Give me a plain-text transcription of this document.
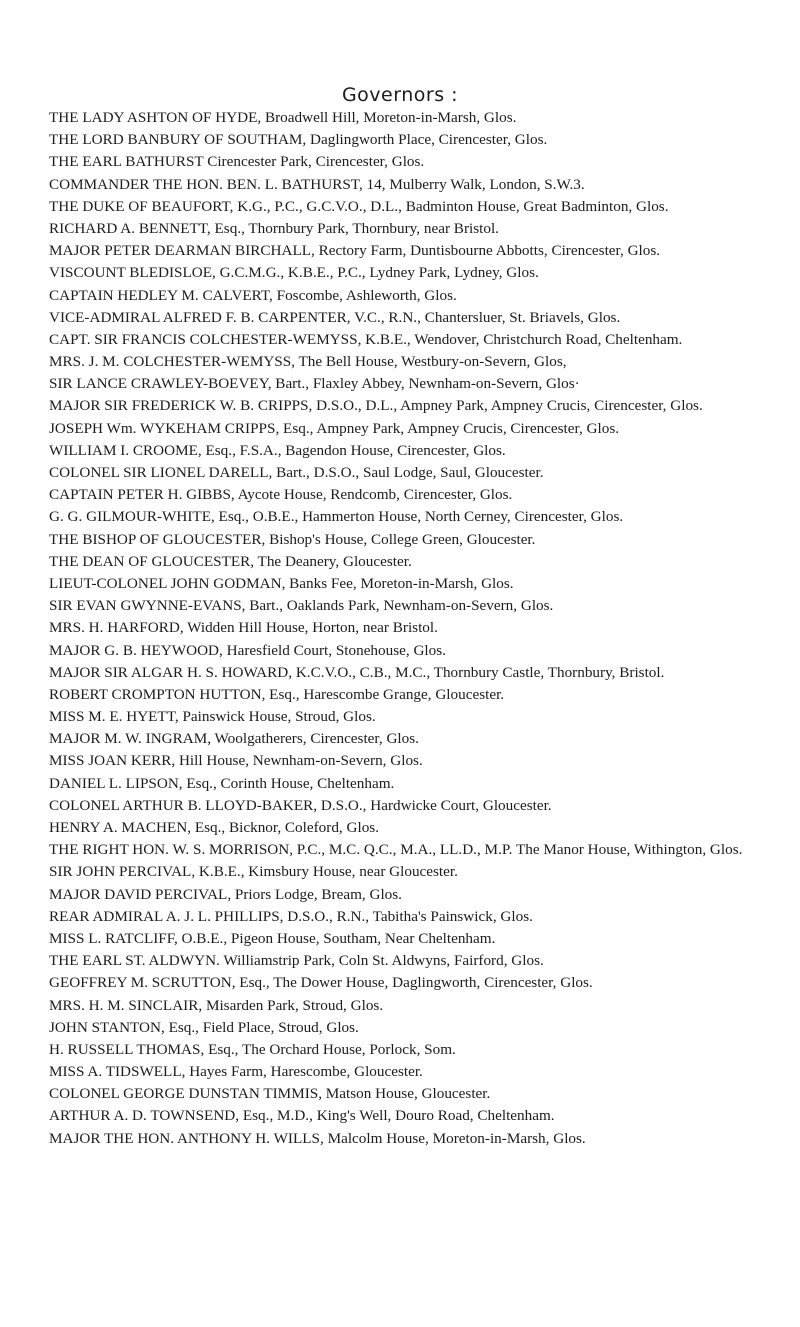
Governors :
THE LADY ASHTON OF HYDE, Broadwell Hill, Moreton-in-Marsh, Glos.
THE LORD BANBURY OF SOUTHAM, Daglingworth Place, Cirencester, Glos.
THE EARL BATHURST Cirencester Park, Cirencester, Glos.
COMMANDER THE HON. BEN. L. BATHURST, 14, Mulberry Walk, London, S.W.3.
THE DUKE OF BEAUFORT, K.G., P.C., G.C.V.O., D.L., Badminton House, Great Badminton, Glos.
RICHARD A. BENNETT, Esq., Thornbury Park, Thornbury, near Bristol.
MAJOR PETER DEARMAN BIRCHALL, Rectory Farm, Duntisbourne Abbotts, Cirencester, Glos.
VISCOUNT BLEDISLOE, G.C.M.G., K.B.E., P.C., Lydney Park, Lydney, Glos.
CAPTAIN HEDLEY M. CALVERT, Foscombe, Ashleworth, Glos.
VICE-ADMIRAL ALFRED F. B. CARPENTER, V.C., R.N., Chantersluer, St. Briavels, Glos.
CAPT. SIR FRANCIS COLCHESTER-WEMYSS, K.B.E., Wendover, Christchurch Road, Cheltenham.
MRS. J. M. COLCHESTER-WEMYSS, The Bell House, Westbury-on-Severn, Glos,
SIR LANCE CRAWLEY-BOEVEY, Bart., Flaxley Abbey, Newnham-on-Severn, Glos·
MAJOR SIR FREDERICK W. B. CRIPPS, D.S.O., D.L., Ampney Park, Ampney Crucis, Cirencester, Glos.
JOSEPH Wm. WYKEHAM CRIPPS, Esq., Ampney Park, Ampney Crucis, Cirencester, Glos.
WILLIAM I. CROOME, Esq., F.S.A., Bagendon House, Cirencester, Glos.
COLONEL SIR LIONEL DARELL, Bart., D.S.O., Saul Lodge, Saul, Gloucester.
CAPTAIN PETER H. GIBBS, Aycote House, Rendcomb, Cirencester, Glos.
G. G. GILMOUR-WHITE, Esq., O.B.E., Hammerton House, North Cerney, Cirencester, Glos.
THE BISHOP OF GLOUCESTER, Bishop's House, College Green, Gloucester.
THE DEAN OF GLOUCESTER, The Deanery, Gloucester.
LIEUT-COLONEL JOHN GODMAN, Banks Fee, Moreton-in-Marsh, Glos.
SIR EVAN GWYNNE-EVANS, Bart., Oaklands Park, Newnham-on-Severn, Glos.
MRS. H. HARFORD, Widden Hill House, Horton, near Bristol.
MAJOR G. B. HEYWOOD, Haresfield Court, Stonehouse, Glos.
MAJOR SIR ALGAR H. S. HOWARD, K.C.V.O., C.B., M.C., Thornbury Castle, Thornbury, Bristol.
ROBERT CROMPTON HUTTON, Esq., Harescombe Grange, Gloucester.
MISS M. E. HYETT, Painswick House, Stroud, Glos.
MAJOR M. W. INGRAM, Woolgatherers, Cirencester, Glos.
MISS JOAN KERR, Hill House, Newnham-on-Severn, Glos.
DANIEL L. LIPSON, Esq., Corinth House, Cheltenham.
COLONEL ARTHUR B. LLOYD-BAKER, D.S.O., Hardwicke Court, Gloucester.
HENRY A. MACHEN, Esq., Bicknor, Coleford, Glos.
THE RIGHT HON. W. S. MORRISON, P.C., M.C. Q.C., M.A., LL.D., M.P. The Manor House, Withington, Glos.
SIR JOHN PERCIVAL, K.B.E., Kimsbury House, near Gloucester.
MAJOR DAVID PERCIVAL, Priors Lodge, Bream, Glos.
REAR ADMIRAL A. J. L. PHILLIPS, D.S.O., R.N., Tabitha's Painswick, Glos.
MISS L. RATCLIFF, O.B.E., Pigeon House, Southam, Near Cheltenham.
THE EARL ST. ALDWYN. Williamstrip Park, Coln St. Aldwyns, Fairford, Glos.
GEOFFREY M. SCRUTTON, Esq., The Dower House, Daglingworth, Cirencester, Glos.
MRS. H. M. SINCLAIR, Misarden Park, Stroud, Glos.
JOHN STANTON, Esq., Field Place, Stroud, Glos.
H. RUSSELL THOMAS, Esq., The Orchard House, Porlock, Som.
MISS A. TIDSWELL, Hayes Farm, Harescombe, Gloucester.
COLONEL GEORGE DUNSTAN TIMMIS, Matson House, Gloucester.
ARTHUR A. D. TOWNSEND, Esq., M.D., King's Well, Douro Road, Cheltenham.
MAJOR THE HON. ANTHONY H. WILLS, Malcolm House, Moreton-in-Marsh, Glos.
